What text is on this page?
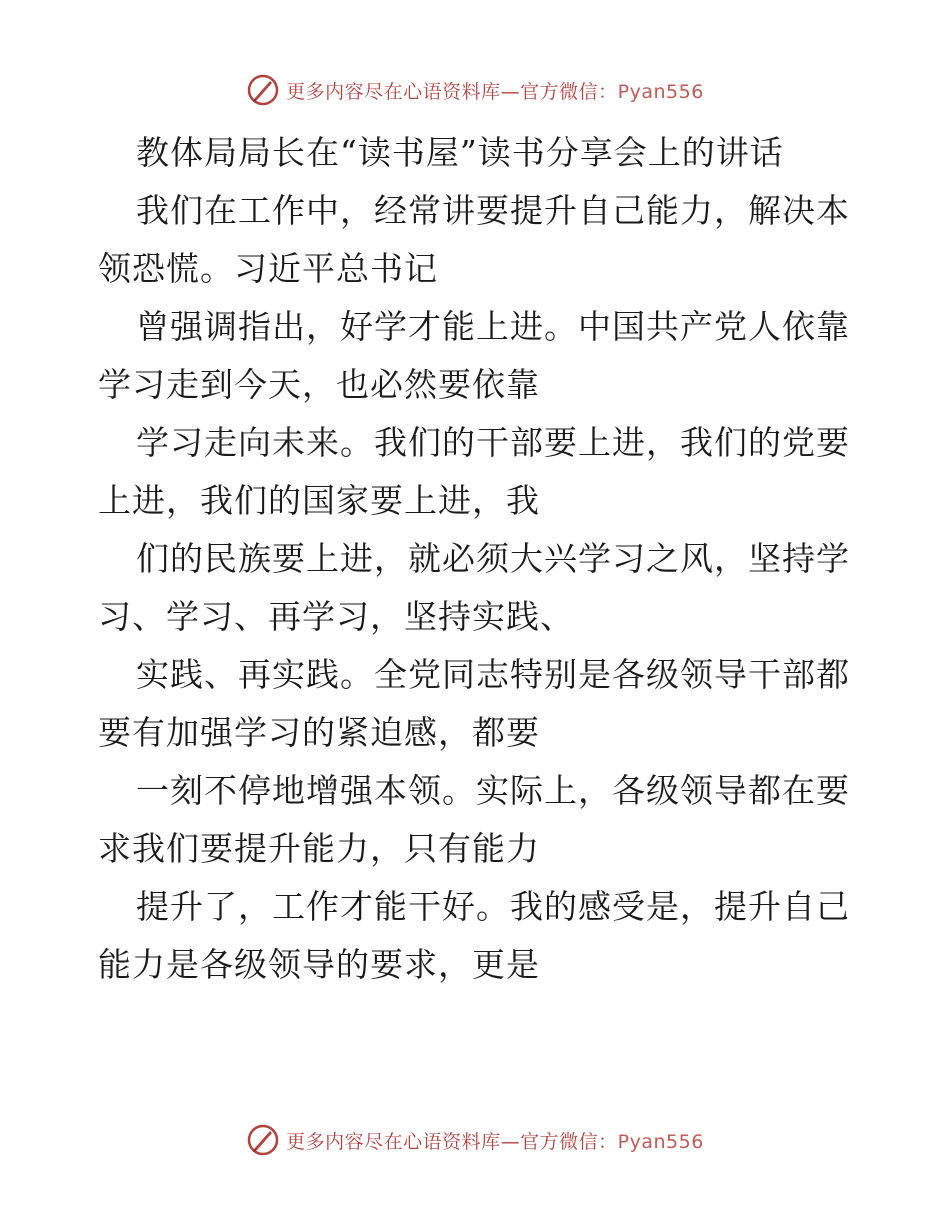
更多内容尽在心语资料库—官方微信：Pyan556
教体局局长在“读书屋”读书分享会上的讲话
我们在工作中，经常讲要提升自己能力，解决本
领恐慌。习近平总书记
曾强调指出，好学才能上进。中国共产党人依靠
学习走到今天，也必然要依靠
学习走向未来。我们的干部要上进，我们的党要
上进，我们的国家要上进，我
们的民族要上进，就必须大兴学习之风，坚持学
习、学习、再学习，坚持实践、
实践、再实践。全党同志特别是各级领导干部都
要有加强学习的紧迫感，都要
一刻不停地增强本领。实际上，各级领导都在要
求我们要提升能力，只有能力
提升了，工作才能干好。我的感受是，提升自己
能力是各级领导的要求，更是
更多内容尽在心语资料库—官方微信：Pyan556
